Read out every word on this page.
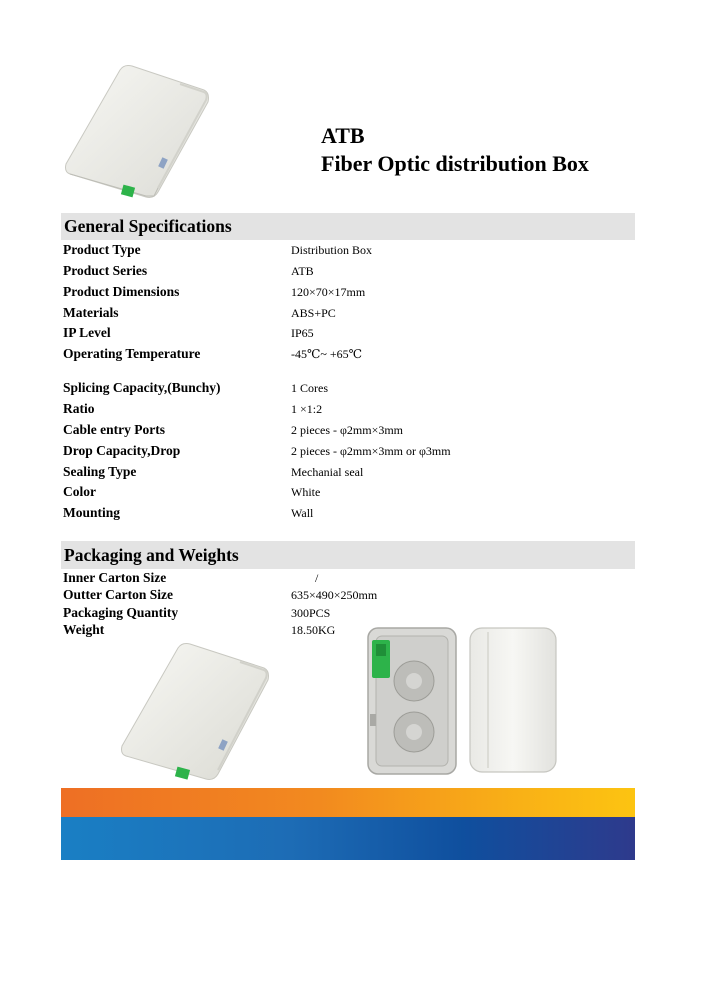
ATB
Fiber Optic distribution Box
General Specifications
Product Type	Distribution Box
Product Series	ATB
Product Dimensions	120×70×17mm
Materials	ABS+PC
IP Level	IP65
Operating Temperature	-45℃~ +65℃
Splicing Capacity,(Bunchy)	1 Cores
Ratio	1 ×1:2
Cable entry Ports	2 pieces - φ2mm×3mm
Drop Capacity,Drop	2 pieces - φ2mm×3mm or φ3mm
Sealing Type	Mechanial seal
Color	White
Mounting	Wall
Packaging and Weights
Inner Carton Size	/
Outter Carton Size	635×490×250mm
Packaging Quantity	300PCS
Weight	18.50KG
